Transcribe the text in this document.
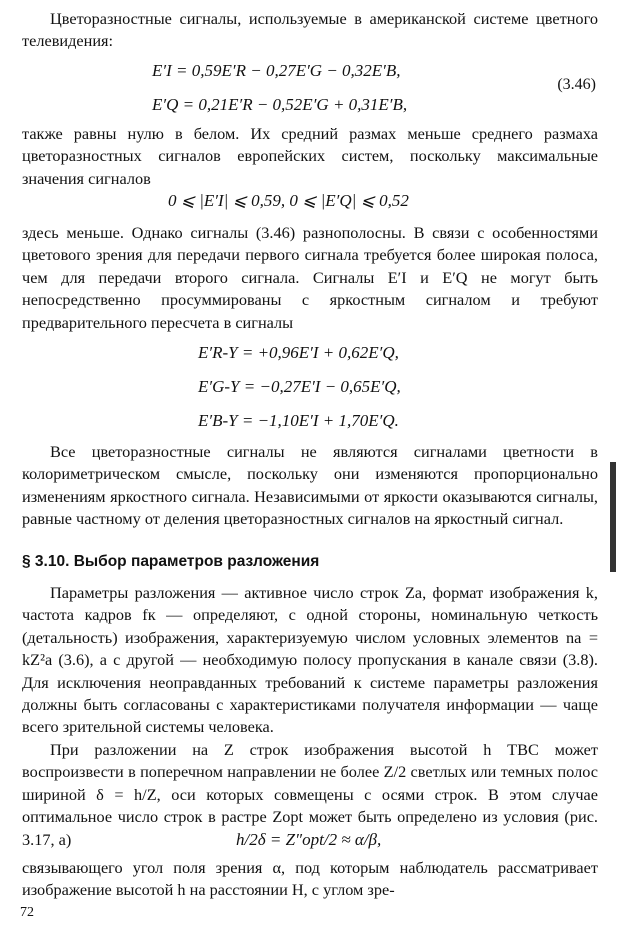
Цветоразностные сигналы, используемые в американской системе цветного телевидения:

E′I = 0,59E′R − 0,27E′G − 0,32E′B,
E′Q = 0,21E′R − 0,52E′G + 0,31E′B,
(3.46)

также равны нулю в белом. Их средний размах меньше среднего размаха цветоразностных сигналов европейских систем, поскольку максимальные значения сигналов

0 ⩽ |E′I| ⩽ 0,59, 0 ⩽ |E′Q| ⩽ 0,52

здесь меньше. Однако сигналы (3.46) разнополосны. В связи с особенностями цветового зрения для передачи первого сигнала требуется более широкая полоса, чем для передачи второго сигнала. Сигналы E′I и E′Q не могут быть непосредственно просуммированы с яркостным сигналом и требуют предварительного пересчета в сигналы

E′R-Y = +0,96E′I + 0,62E′Q,
E′G-Y = −0,27E′I − 0,65E′Q,
E′B-Y = −1,10E′I + 1,70E′Q.

Все цветоразностные сигналы не являются сигналами цветности в колориметрическом смысле, поскольку они изменяются пропорционально изменениям яркостного сигнала. Независимыми от яркости оказываются сигналы, равные частному от деления цветоразностных сигналов на яркостный сигнал.

§ 3.10. Выбор параметров разложения

Параметры разложения — активное число строк Zа, формат изображения k, частота кадров fк — определяют, с одной стороны, номинальную четкость (детальность) изображения, характеризуемую числом условных элементов nа = kZ²а (3.6), а с другой — необходимую полосу пропускания в канале связи (3.8). Для исключения неоправданных требований к системе параметры разложения должны быть согласованы с характеристиками получателя информации — чаще всего зрительной системы человека.

При разложении на Z строк изображения высотой h ТВС может воспроизвести в поперечном направлении не более Z/2 светлых или темных полос шириной δ = h/Z, оси которых совмещены с осями строк. В этом случае оптимальное число строк в растре Zopt может быть определено из условия (рис. 3.17, а)	h/2δ = Z″opt/2 ≈ α/β,

связывающего угол поля зрения α, под которым наблюдатель рассматривает изображение высотой h на расстоянии H, с углом зре-

72
